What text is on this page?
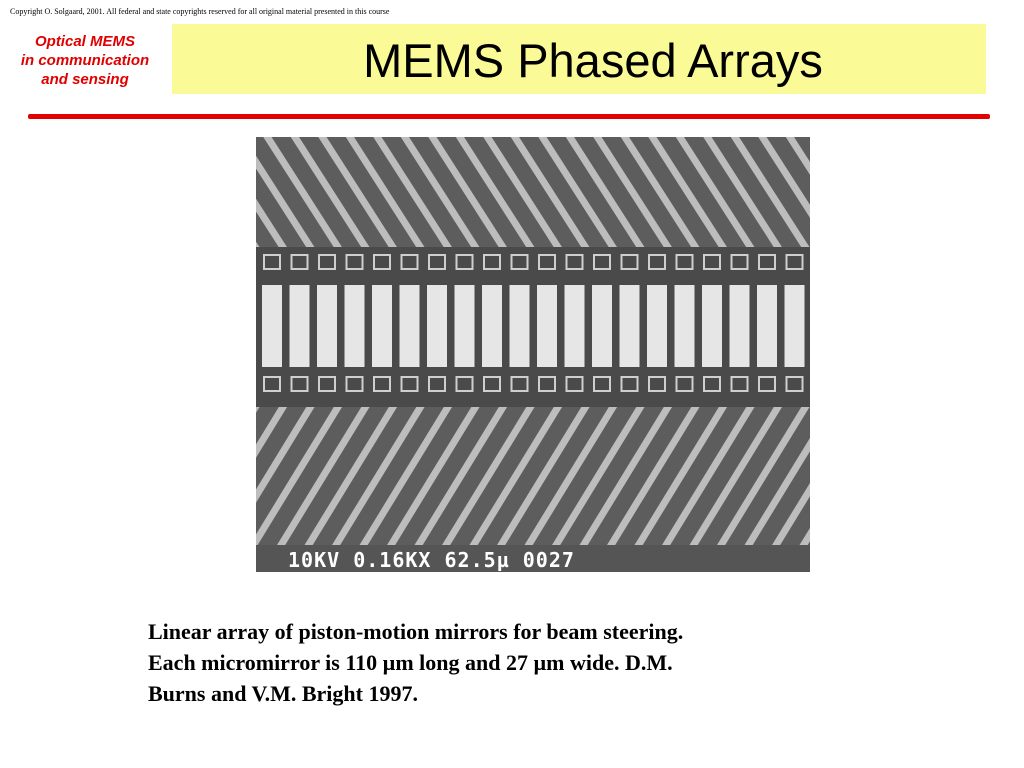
Copyright O. Solgaard, 2001. All federal and state copyrights reserved for all original material presented in this course
Optical MEMS
in communication
and sensing	MEMS Phased Arrays
10KV 0.16KX 62.5µ 0027
Linear array of piston-motion mirrors for beam steering.
Each micromirror is 110 µm long and 27 µm wide. D.M.
Burns and V.M. Bright 1997.
